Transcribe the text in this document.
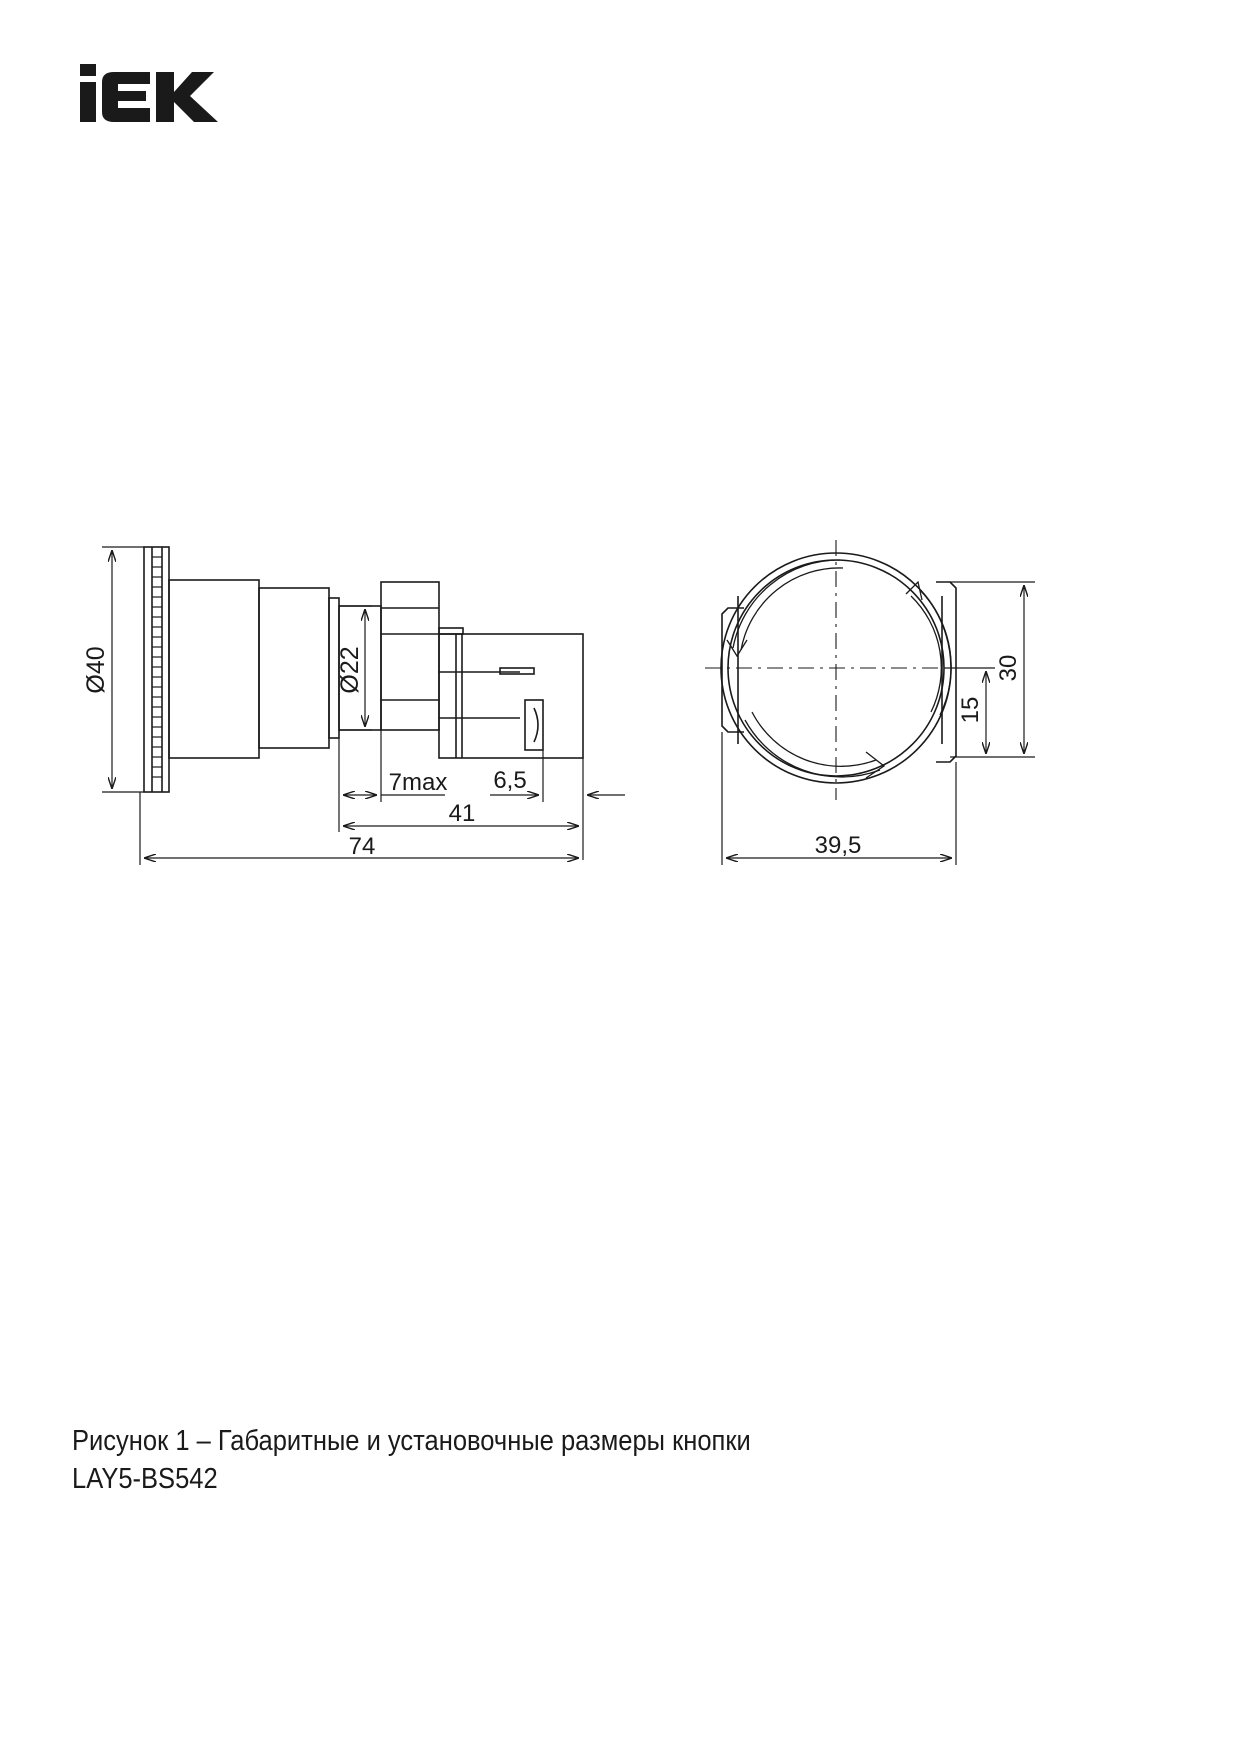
Ø40	Ø22
7max 6,5
41
74
30
15
39,5
Рисунок 1 – Габаритные и установочные размеры кнопки
LAY5-BS542
